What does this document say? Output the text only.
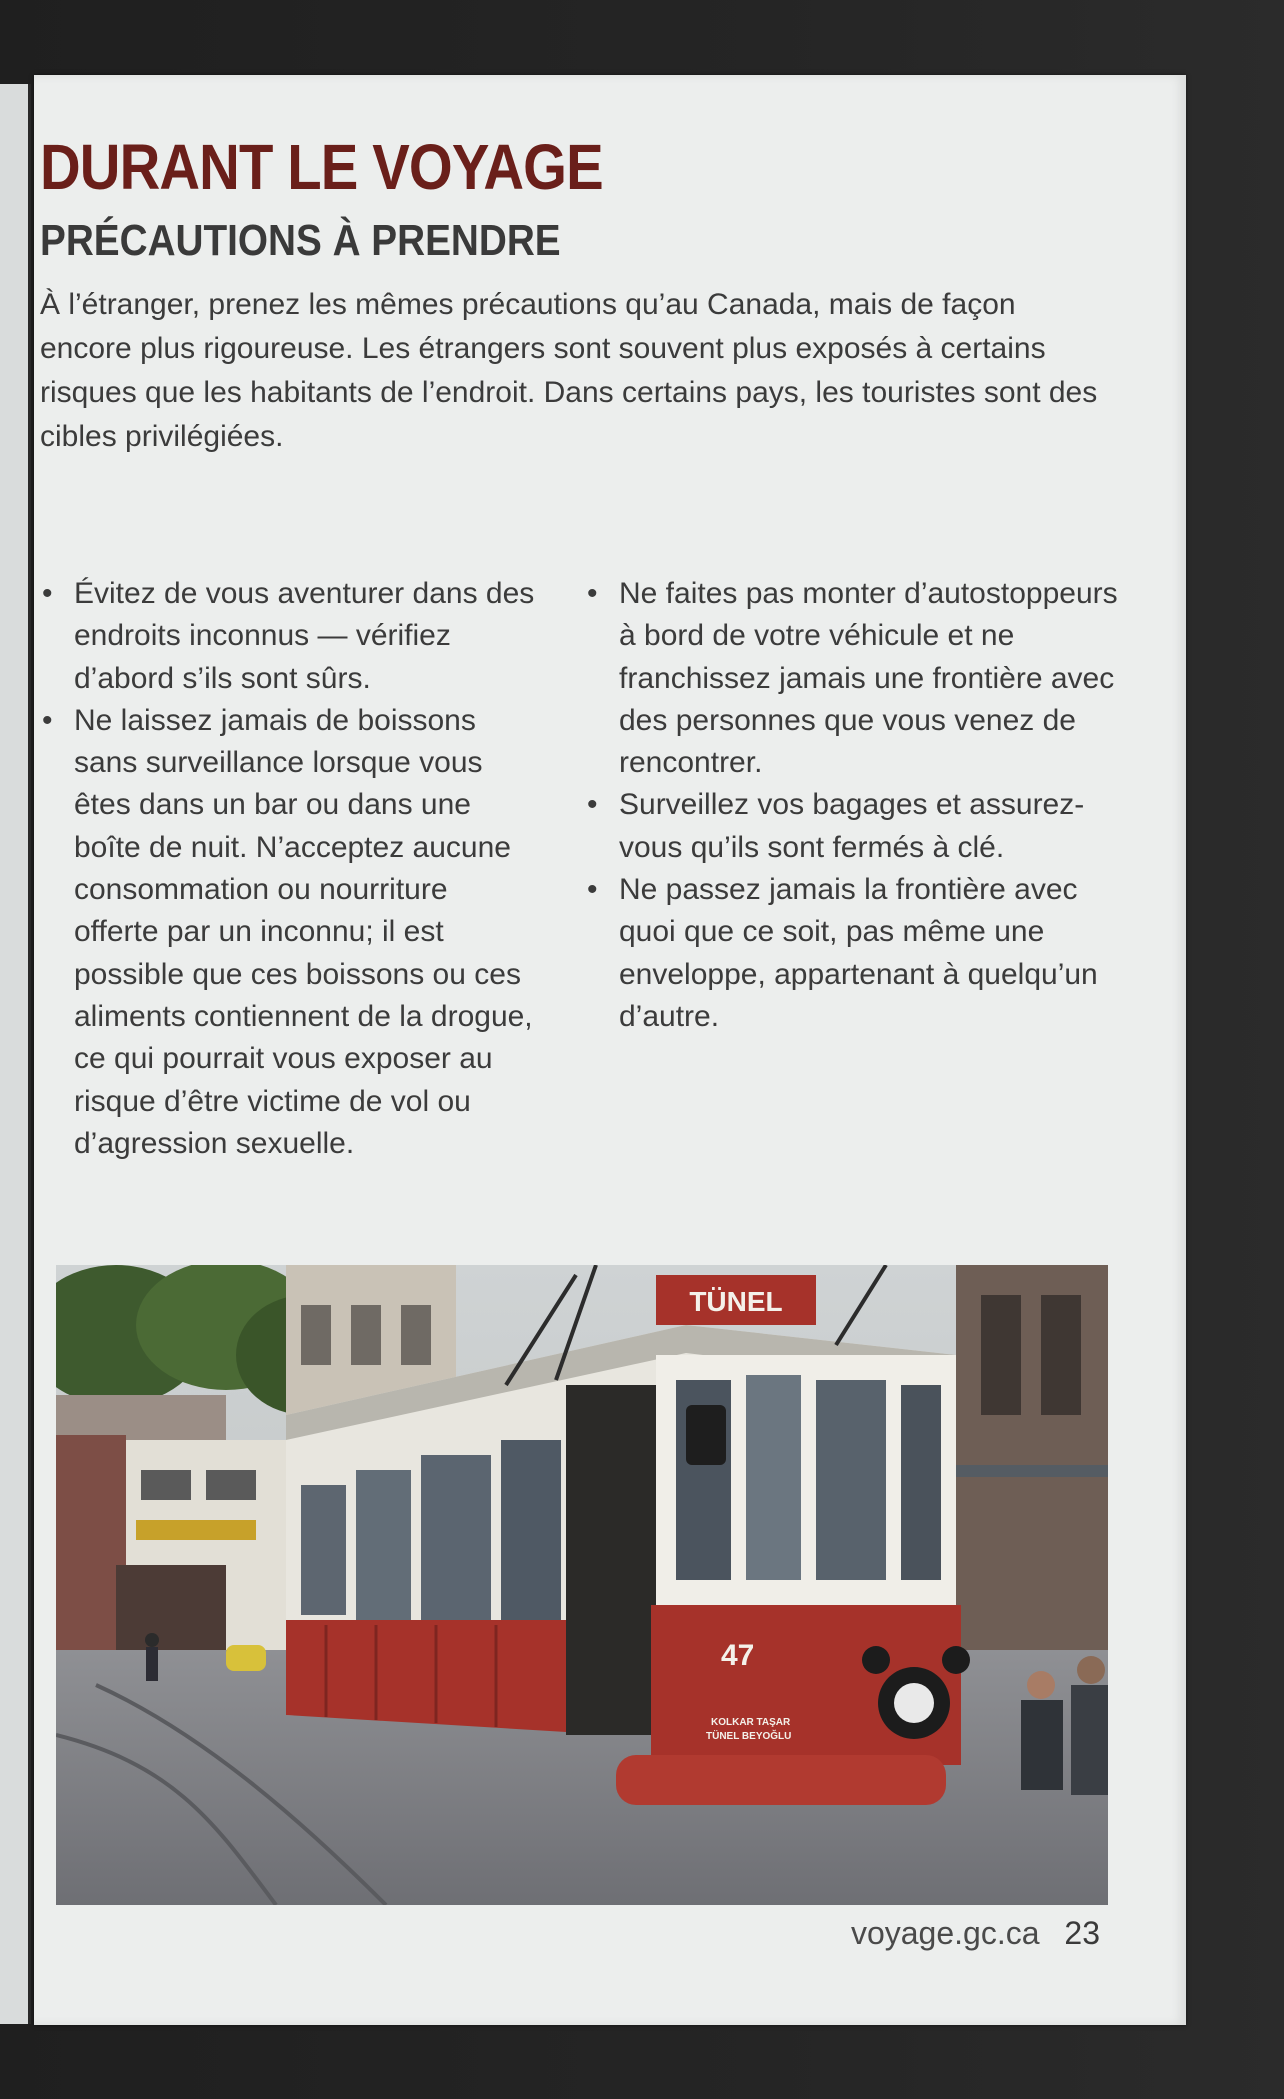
DURANT LE VOYAGE
PRÉCAUTIONS À PRENDRE

À l’étranger, prenez les mêmes précautions qu’au Canada, mais de façon encore plus rigoureuse. Les étrangers sont souvent plus exposés à certains risques que les habitants de l’endroit. Dans certains pays, les touristes sont des cibles privilégiées.

• Évitez de vous aventurer dans des endroits inconnus — vérifiez d’abord s’ils sont sûrs.
• Ne laissez jamais de boissons sans surveillance lorsque vous êtes dans un bar ou dans une boîte de nuit. N’acceptez aucune consommation ou nourriture offerte par un inconnu; il est possible que ces boissons ou ces aliments contiennent de la drogue, ce qui pourrait vous exposer au risque d’être victime de vol ou d’agression sexuelle.
• Ne faites pas monter d’autostoppeurs à bord de votre véhicule et ne franchissez jamais une frontière avec des personnes que vous venez de rencontrer.
• Surveillez vos bagages et assurez-vous qu’ils sont fermés à clé.
• Ne passez jamais la frontière avec quoi que ce soit, pas même une enveloppe, appartenant à quelqu’un d’autre.
TÜNEL
47
KOLKAR TAŞAR
TÜNEL BEYOĞLU
voyage.gc.ca 23
